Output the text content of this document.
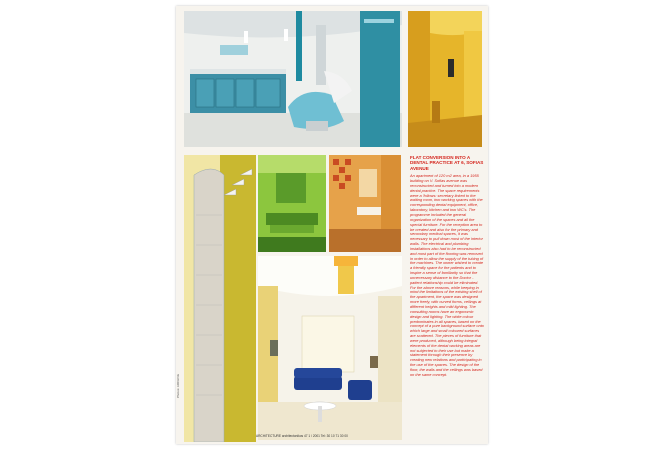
FLAT CONVERSION INTO A DENTAL PRACTICE AT 6, SOFIAS AVENUE

An apartment of 120 m2 area, in a 1955 building on V. Sofias avenue was reconstructed and turned into a modern dental practice. The space requirements were a 'follows: secretary linked to the waiting room, two working spaces with the corresponding dental equipment, office, laboratory, kitchen and two WC's. The programme included the general organization of the spaces and all the special furniture. For the reception area to be created and also for the primary and secondary medical spaces, it was necessary to pull down most of the interior walls. The electrical and plumbing installations also had to be reconstructed and most part of the flooring was removed in order to allow the supply of the tubing of the machines. The owner wished to create a friendly space for the patients and to inspire a sense of familiarity so that the unnecessary distance to the Doctor - patient relationship could be eliminated. For the above reasons, while keeping in mind the limitations of the existing shell of the apartment, the space was designed more freely, with curved forms, ceilings at different heights and mild lighting. The consulting rooms have an ergonomic design and lighting. The white colour predominates in all spaces, based on the concept of a pure background surface onto which large and small coloured surfaces are scattered. The pieces of furniture that were produced, although being integral elements of the dental working areas are not subjected to their use but make a statement through their presence by creating new relations and participating in the use of the spaces. The design of the floor, the walls and the ceilings was based on the same concept.

Photos: ARCHIVE
ARCHITECTURE architectonikos 47 1 / 2001 Tel: 30 10 71 30 00
